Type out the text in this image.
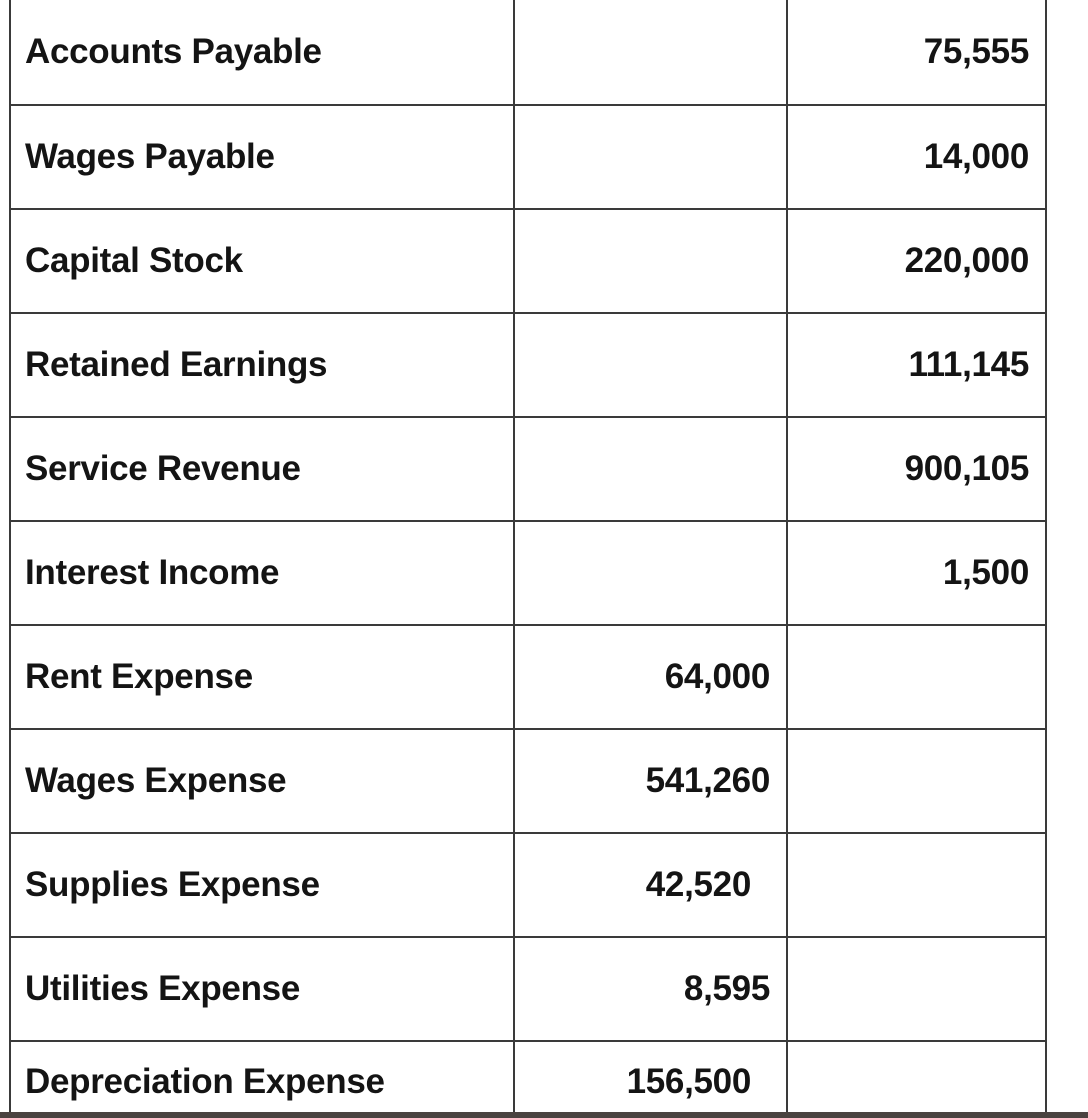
Accounts Payable		75,555
Wages Payable		14,000
Capital Stock		220,000
Retained Earnings		111,145
Service Revenue		900,105
Interest Income		1,500
Rent Expense	64,000	
Wages Expense	541,260	
Supplies Expense	42,520	
Utilities Expense	8,595	
Depreciation Expense	156,500	
